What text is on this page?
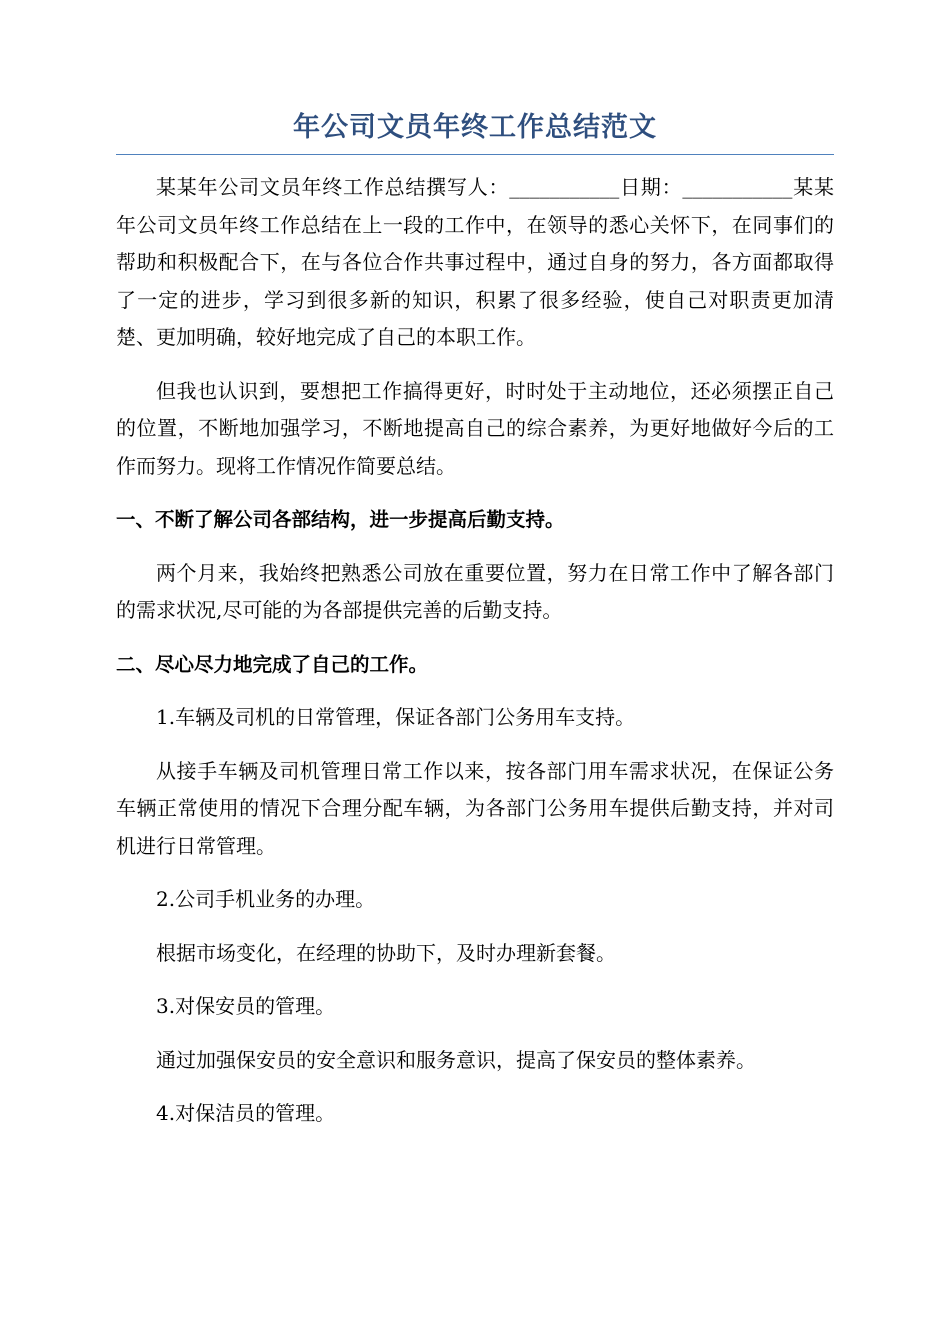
年公司文员年终工作总结范文

某某年公司文员年终工作总结撰写人：___________日期：___________某某年公司文员年终工作总结在上一段的工作中，在领导的悉心关怀下，在同事们的帮助和积极配合下，在与各位合作共事过程中，通过自身的努力，各方面都取得了一定的进步，学习到很多新的知识，积累了很多经验，使自己对职责更加清楚、更加明确，较好地完成了自己的本职工作。

但我也认识到，要想把工作搞得更好，时时处于主动地位，还必须摆正自己的位置，不断地加强学习，不断地提高自己的综合素养，为更好地做好今后的工作而努力。现将工作情况作简要总结。

一、不断了解公司各部结构，进一步提高后勤支持。

两个月来，我始终把熟悉公司放在重要位置，努力在日常工作中了解各部门的需求状况,尽可能的为各部提供完善的后勤支持。

二、尽心尽力地完成了自己的工作。

1.车辆及司机的日常管理，保证各部门公务用车支持。

从接手车辆及司机管理日常工作以来，按各部门用车需求状况，在保证公务车辆正常使用的情况下合理分配车辆，为各部门公务用车提供后勤支持，并对司机进行日常管理。

2.公司手机业务的办理。

根据市场变化，在经理的协助下，及时办理新套餐。

3.对保安员的管理。

通过加强保安员的安全意识和服务意识，提高了保安员的整体素养。

4.对保洁员的管理。
